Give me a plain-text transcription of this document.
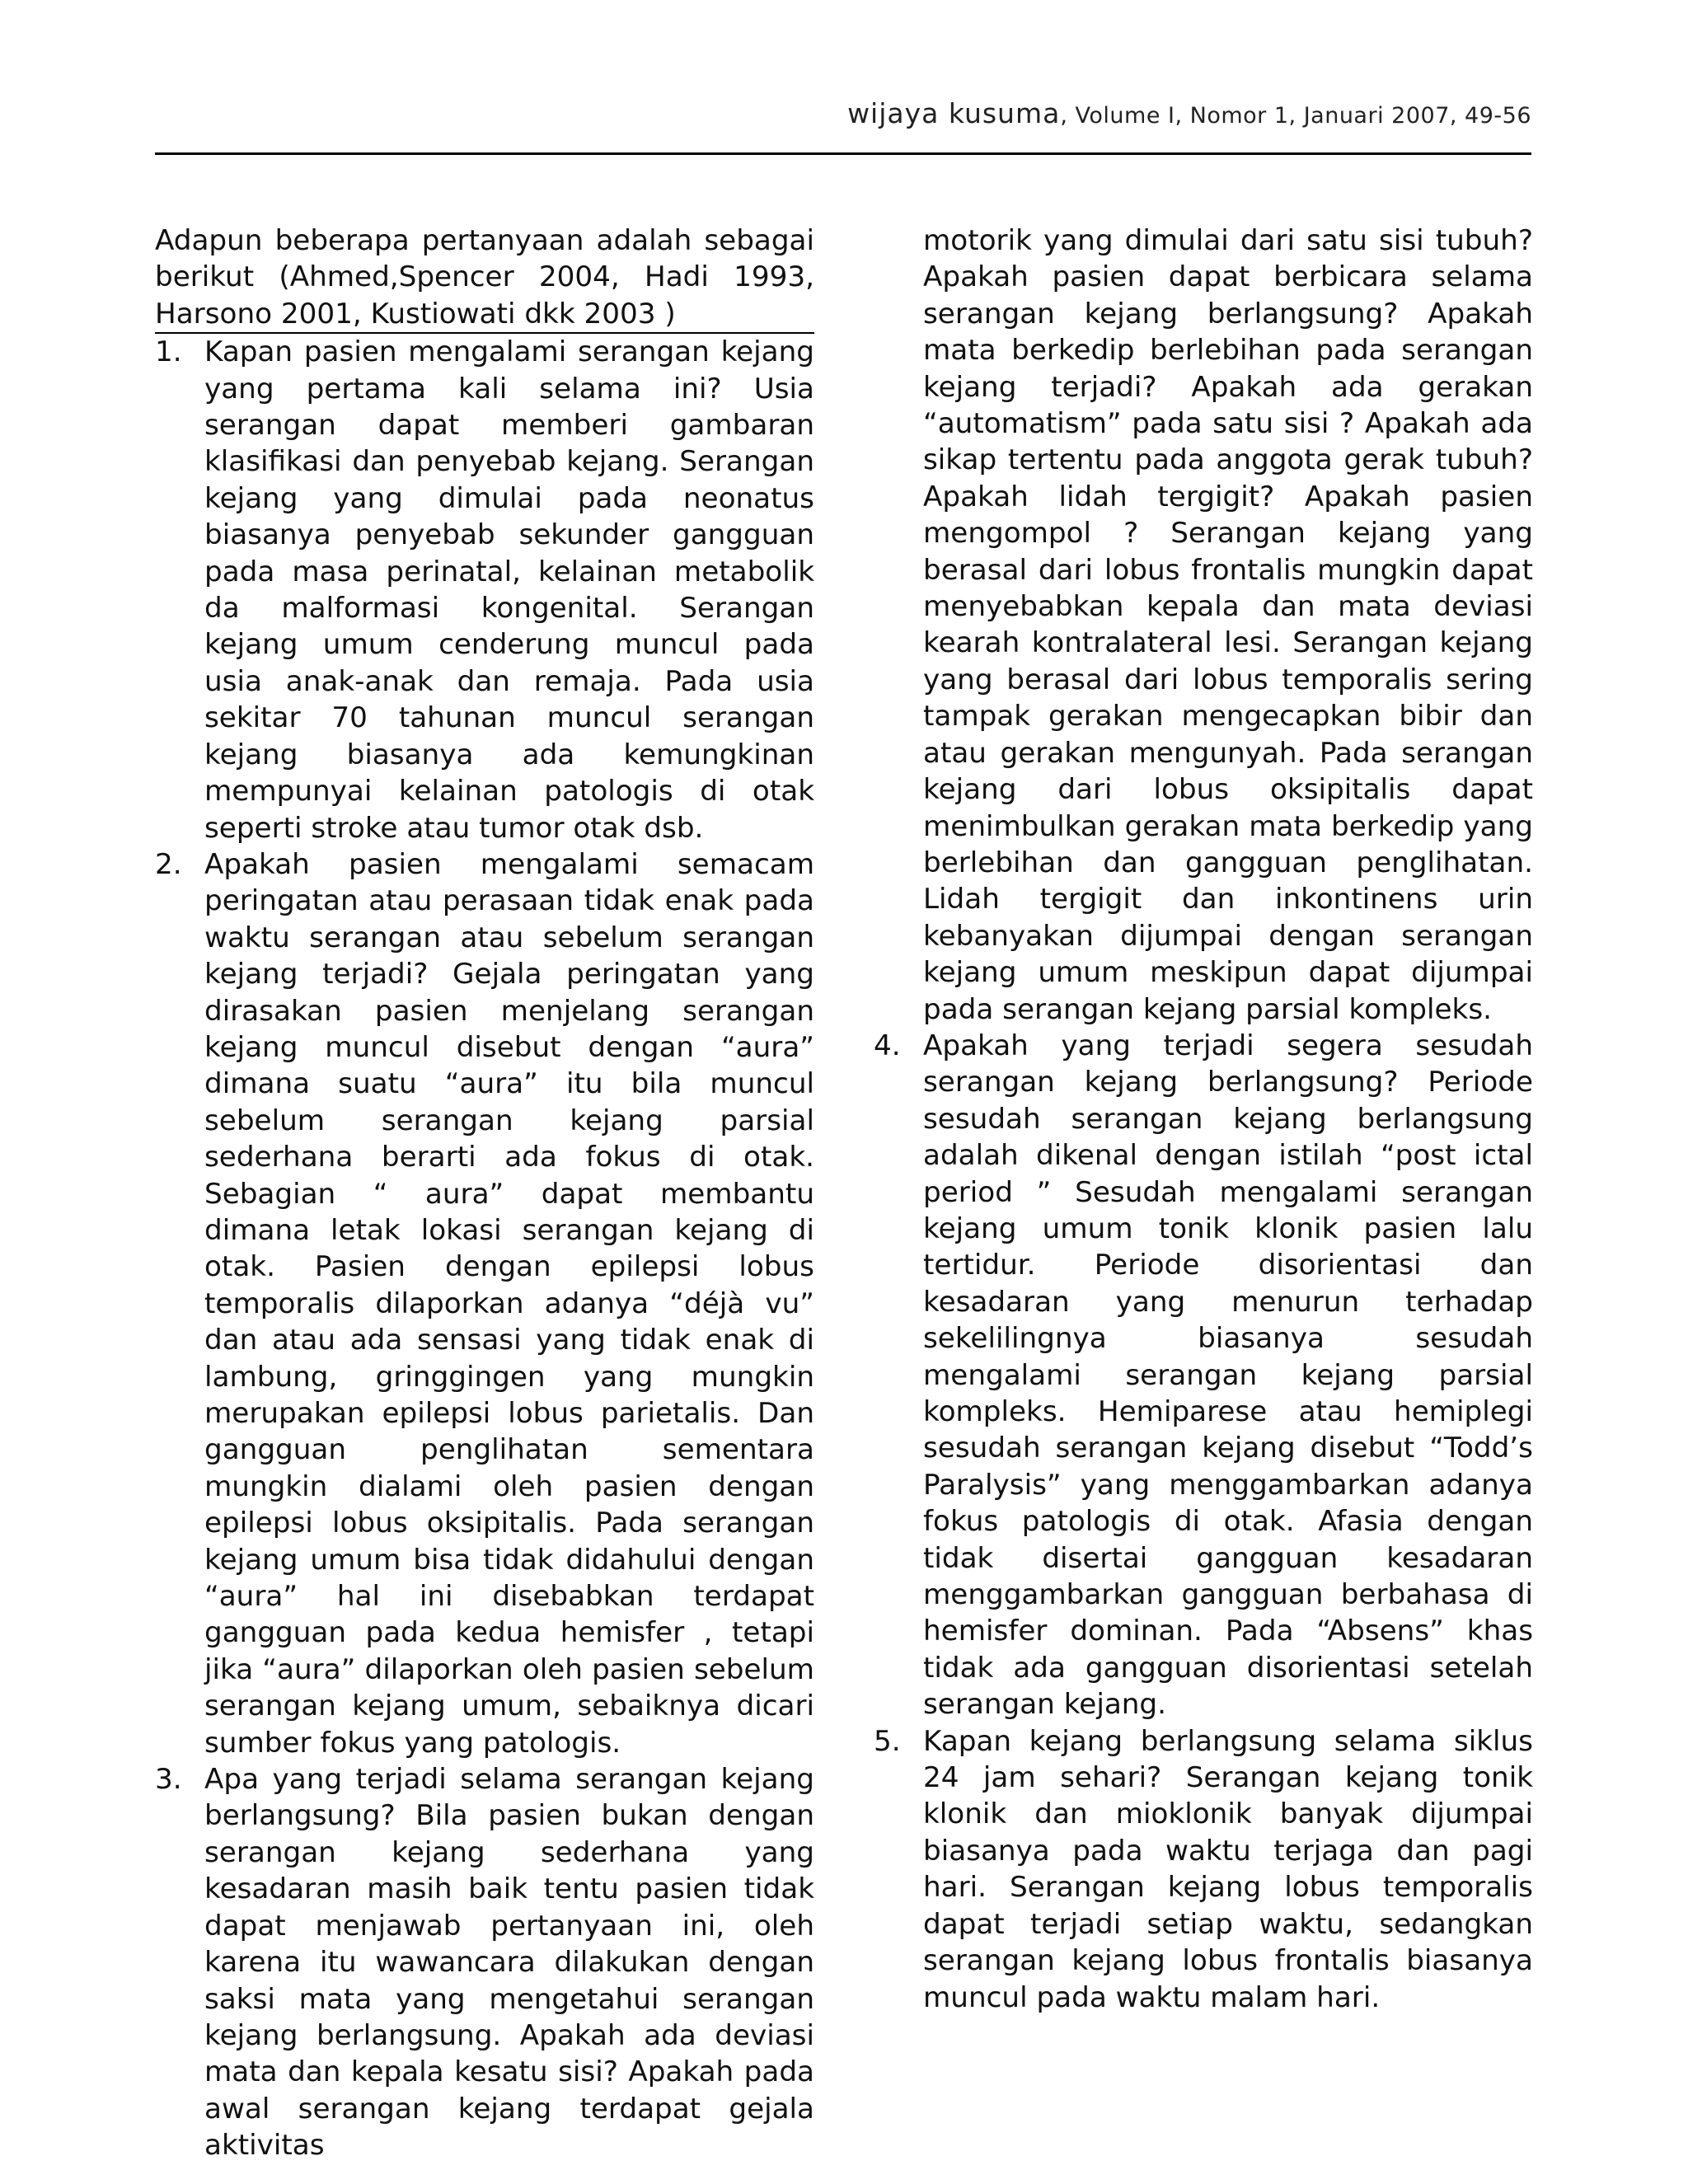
wijaya kusuma, Volume I, Nomor 1, Januari 2007, 49-56

Adapun beberapa pertanyaan adalah sebagai berikut (Ahmed,Spencer 2004, Hadi 1993, Harsono 2001, Kustiowati dkk 2003 )

1. Kapan pasien mengalami serangan kejang yang pertama kali selama ini? Usia serangan dapat memberi gambaran klasifikasi dan penyebab kejang. Serangan kejang yang dimulai pada neonatus biasanya penyebab sekunder gangguan pada masa perinatal, kelainan metabolik da malformasi kongenital. Serangan kejang umum cenderung muncul pada usia anak-anak dan remaja. Pada usia sekitar 70 tahunan muncul serangan kejang biasanya ada kemungkinan mempunyai kelainan patologis di otak seperti stroke atau tumor otak dsb.
2. Apakah pasien mengalami semacam peringatan atau perasaan tidak enak pada waktu serangan atau sebelum serangan kejang terjadi? Gejala peringatan yang dirasakan pasien menjelang serangan kejang muncul disebut dengan “aura” dimana suatu “aura” itu bila muncul sebelum serangan kejang parsial sederhana berarti ada fokus di otak. Sebagian “ aura” dapat membantu dimana letak lokasi serangan kejang di otak. Pasien dengan epilepsi lobus temporalis dilaporkan adanya “déjà vu” dan atau ada sensasi yang tidak enak di lambung, gringgingen yang mungkin merupakan epilepsi lobus parietalis. Dan gangguan penglihatan sementara mungkin dialami oleh pasien dengan epilepsi lobus oksipitalis. Pada serangan kejang umum bisa tidak didahului dengan “aura” hal ini disebabkan terdapat gangguan pada kedua hemisfer , tetapi jika “aura” dilaporkan oleh pasien sebelum serangan kejang umum, sebaiknya dicari sumber fokus yang patologis.
3. Apa yang terjadi selama serangan kejang berlangsung? Bila pasien bukan dengan serangan kejang sederhana yang kesadaran masih baik tentu pasien tidak dapat menjawab pertanyaan ini, oleh karena itu wawancara dilakukan dengan saksi mata yang mengetahui serangan kejang berlangsung. Apakah ada deviasi mata dan kepala kesatu sisi? Apakah pada awal serangan kejang terdapat gejala aktivitas
motorik yang dimulai dari satu sisi tubuh? Apakah pasien dapat berbicara selama serangan kejang berlangsung? Apakah mata berkedip berlebihan pada serangan kejang terjadi? Apakah ada gerakan “automatism” pada satu sisi ? Apakah ada sikap tertentu pada anggota gerak tubuh? Apakah lidah tergigit? Apakah pasien mengompol ? Serangan kejang yang berasal dari lobus frontalis mungkin dapat menyebabkan kepala dan mata deviasi kearah kontralateral lesi. Serangan kejang yang berasal dari lobus temporalis sering tampak gerakan mengecapkan bibir dan atau gerakan mengunyah. Pada serangan kejang dari lobus oksipitalis dapat menimbulkan gerakan mata berkedip yang berlebihan dan gangguan penglihatan. Lidah tergigit dan inkontinens urin kebanyakan dijumpai dengan serangan kejang umum meskipun dapat dijumpai pada serangan kejang parsial kompleks.
4. Apakah yang terjadi segera sesudah serangan kejang berlangsung? Periode sesudah serangan kejang berlangsung adalah dikenal dengan istilah “post ictal period ” Sesudah mengalami serangan kejang umum tonik klonik pasien lalu tertidur. Periode disorientasi dan kesadaran yang menurun terhadap sekelilingnya biasanya sesudah mengalami serangan kejang parsial kompleks. Hemiparese atau hemiplegi sesudah serangan kejang disebut “Todd’s Paralysis” yang menggambarkan adanya fokus patologis di otak. Afasia dengan tidak disertai gangguan kesadaran menggambarkan gangguan berbahasa di hemisfer dominan. Pada “Absens” khas tidak ada gangguan disorientasi setelah serangan kejang.
5. Kapan kejang berlangsung selama siklus 24 jam sehari? Serangan kejang tonik klonik dan mioklonik banyak dijumpai biasanya pada waktu terjaga dan pagi hari. Serangan kejang lobus temporalis dapat terjadi setiap waktu, sedangkan serangan kejang lobus frontalis biasanya muncul pada waktu malam hari.
